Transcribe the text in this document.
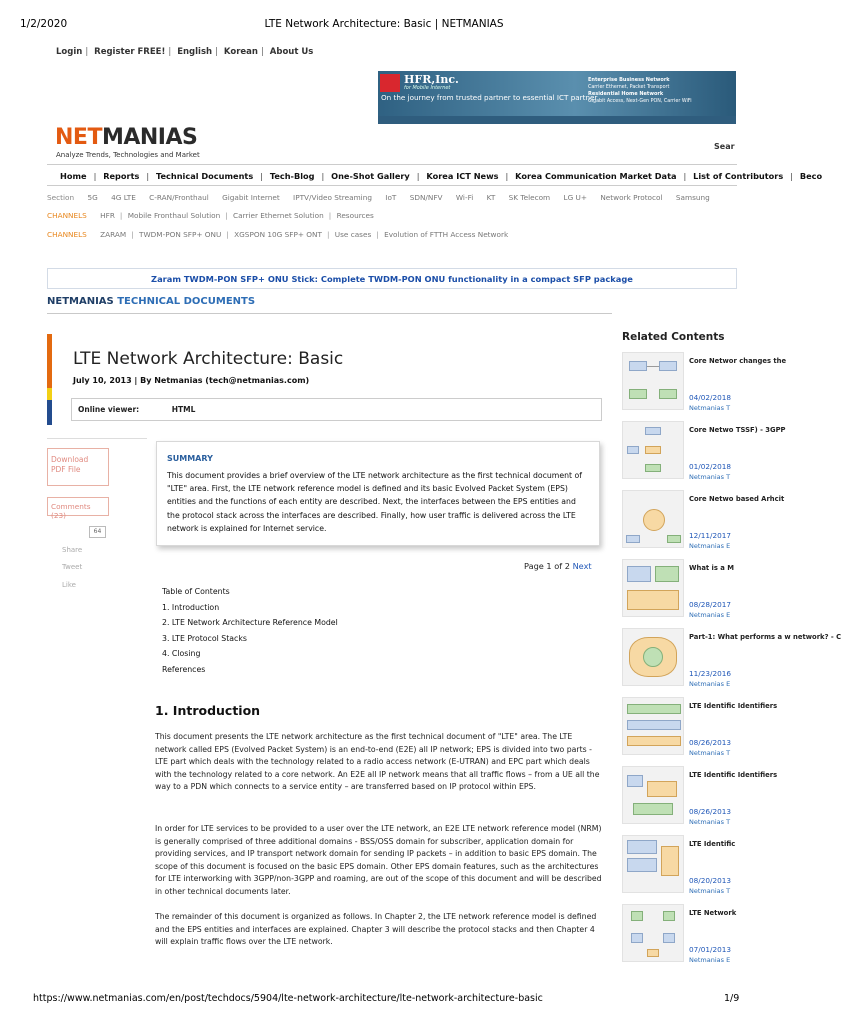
1/2/2020	LTE Network Architecture: Basic | NETMANIAS
Login | Register FREE! | English | Korean | About Us
HFR,Inc.
for Mobile Internet
On the journey from trusted partner to essential ICT partner
Enterprise Business Network
Carrier Ethernet, Packet Transport
Residential Home Network
Gigabit Access, Next-Gen PON, Carrier WiFi
NETMANIAS
Analyze Trends, Technologies and Market
Sear
Home | Reports | Technical Documents | Tech-Blog | One-Shot Gallery | Korea ICT News | Korea Communication Market Data | List of Contributors | Beco
Section 5G 4G LTE C-RAN/Fronthaul Gigabit Internet IPTV/Video Streaming IoT SDN/NFV Wi-Fi KT SK Telecom LG U+ Network Protocol Samsung
CHANNELS HFR | Mobile Fronthaul Solution | Carrier Ethernet Solution | Resources
CHANNELS ZARAM | TWDM-PON SFP+ ONU | XGSPON 10G SFP+ ONT | Use cases | Evolution of FTTH Access Network
Zaram TWDM-PON SFP+ ONU Stick: Complete TWDM-PON ONU functionality in a compact SFP package
NETMANIAS TECHNICAL DOCUMENTS
LTE Network Architecture: Basic
July 10, 2013 | By Netmanias (tech@netmanias.com)
Online viewer:	HTML
Download PDF File
Comments (23)
64
Share
Tweet
Like
SUMMARY
This document provides a brief overview of the LTE network architecture as the first technical document of "LTE" area. First, the LTE network reference model is defined and its basic Evolved Packet System (EPS) entities and the functions of each entity are described. Next, the interfaces between the EPS entities and the protocol stack across the interfaces are described. Finally, how user traffic is delivered across the LTE network is explained for Internet service.
Page 1 of 2 Next
Table of Contents
1. Introduction
2. LTE Network Architecture Reference Model
3. LTE Protocol Stacks
4. Closing
References
1. Introduction
This document presents the LTE network architecture as the first technical document of "LTE" area. The LTE network called EPS (Evolved Packet System) is an end-to-end (E2E) all IP network; EPS is divided into two parts - LTE part which deals with the technology related to a radio access network (E-UTRAN) and EPC part which deals with the technology related to a core network. An E2E all IP network means that all traffic flows – from a UE all the way to a PDN which connects to a service entity – are transferred based on IP protocol within EPS.
In order for LTE services to be provided to a user over the LTE network, an E2E LTE network reference model (NRM) is generally comprised of three additional domains - BSS/OSS domain for subscriber, application domain for providing services, and IP transport network domain for sending IP packets – in addition to basic EPS domain. The scope of this document is focused on the basic EPS domain. Other EPS domain features, such as the architectures for LTE interworking with 3GPP/non-3GPP and roaming, are out of the scope of this document and will be described in other technical documents later.
The remainder of this document is organized as follows. In Chapter 2, the LTE network reference model is defined and the EPS entities and interfaces are explained. Chapter 3 will describe the protocol stacks and then Chapter 4 will explain traffic flows over the LTE network.
Related Contents
Core Networ changes the
04/02/2018
Netmanias T
Core Netwo TSSF) - 3GPP
01/02/2018
Netmanias T
Core Netwo based Arhcit
12/11/2017
Netmanias E
What is a M
08/28/2017
Netmanias E
Part-1: What performs a w network? - C
11/23/2016
Netmanias E
LTE Identific Identifiers
08/26/2013
Netmanias T
LTE Identific Identifiers
08/26/2013
Netmanias T
LTE Identific
08/20/2013
Netmanias T
LTE Network
07/01/2013
Netmanias E
https://www.netmanias.com/en/post/techdocs/5904/lte-network-architecture/lte-network-architecture-basic	1/9
